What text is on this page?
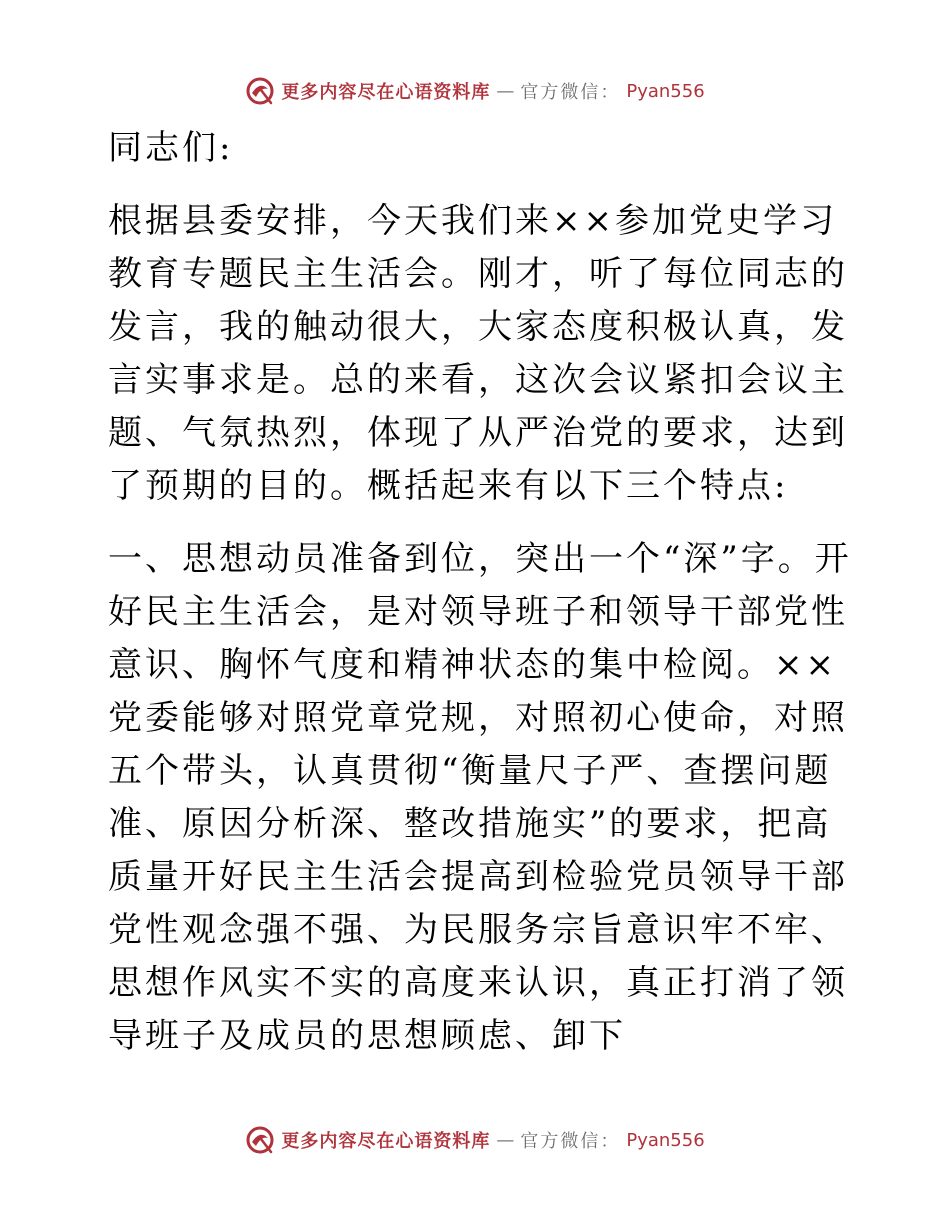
更多内容尽在心语资料库 — 官方微信： Pyan556

同志们:

根据县委安排，今天我们来××参加党史学习教育专题民主生活会。刚才，听了每位同志的发言，我的触动很大，大家态度积极认真，发言实事求是。总的来看，这次会议紧扣会议主题、气氛热烈，体现了从严治党的要求，达到了预期的目的。概括起来有以下三个特点:

一、思想动员准备到位，突出一个“深”字。开好民主生活会，是对领导班子和领导干部党性意识、胸怀气度和精神状态的集中检阅。××党委能够对照党章党规，对照初心使命，对照五个带头，认真贯彻“衡量尺子严、查摆问题准、原因分析深、整改措施实”的要求，把高质量开好民主生活会提高到检验党员领导干部党性观念强不强、为民服务宗旨意识牢不牢、思想作风实不实的高度来认识，真正打消了领导班子及成员的思想顾虑、卸下

更多内容尽在心语资料库 — 官方微信： Pyan556
